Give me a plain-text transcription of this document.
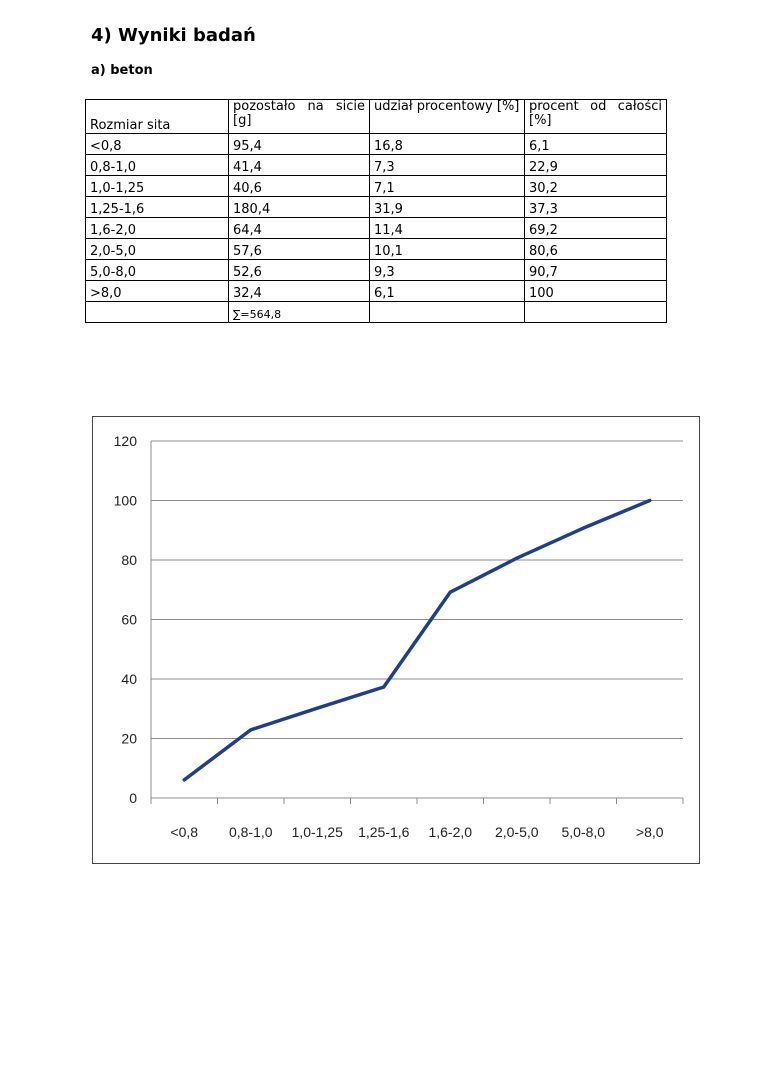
4) Wyniki badań
a) beton
Rozmiar sita	pozostało na sicie [g]	udział procentowy [%]	procent od całości [%]
<0,8	95,4	16,8	6,1
0,8-1,0	41,4	7,3	22,9
1,0-1,25	40,6	7,1	30,2
1,25-1,6	180,4	31,9	37,3
1,6-2,0	64,4	11,4	69,2
2,0-5,0	57,6	10,1	80,6
5,0-8,0	52,6	9,3	90,7
>8,0	32,4	6,1	100
	∑=564,8		
0
20
40
60
80
100
120
<0,8 0,8-1,0 1,0-1,25 1,25-1,6 1,6-2,0 2,0-5,0 5,0-8,0 >8,0
